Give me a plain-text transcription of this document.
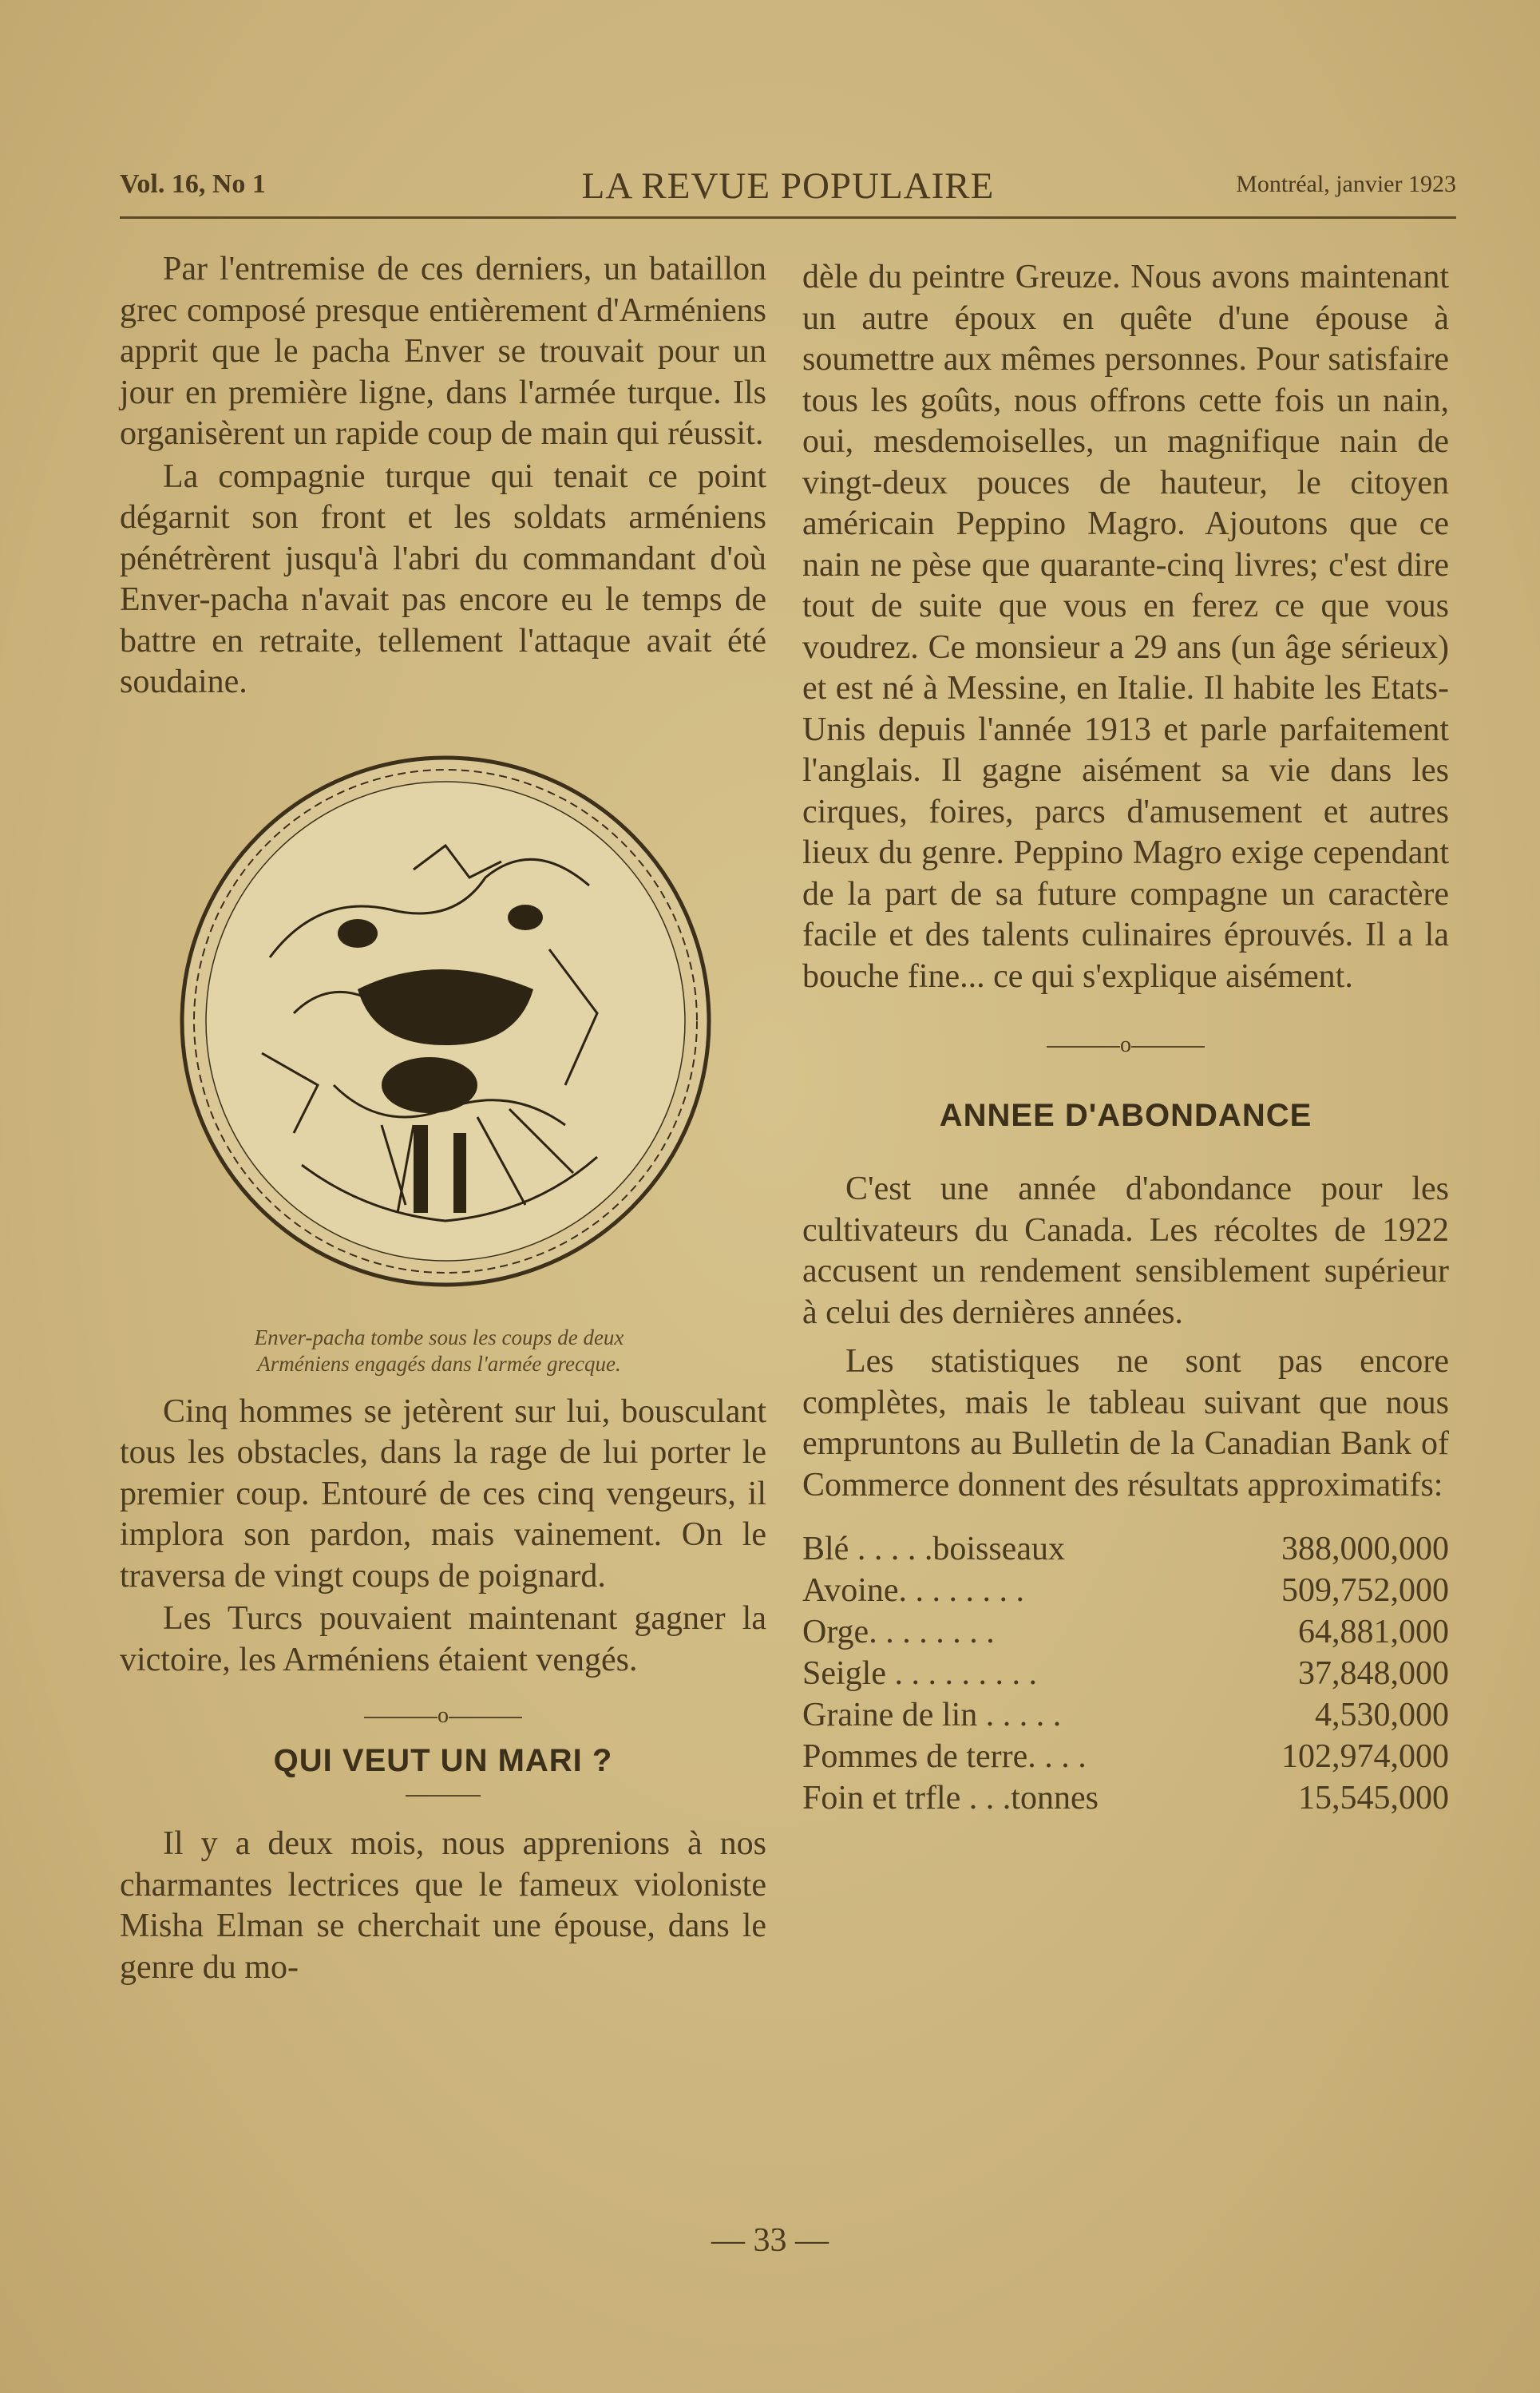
Vol. 16, No 1	LA REVUE POPULAIRE	Montréal, janvier 1923

Par l'entremise de ces derniers, un bataillon grec composé presque entièrement d'Arméniens apprit que le pacha Enver se trouvait pour un jour en première ligne, dans l'armée turque. Ils organisèrent un rapide coup de main qui réussit.

La compagnie turque qui tenait ce point dégarnit son front et les soldats arméniens pénétrèrent jusqu'à l'abri du commandant d'où Enver-pacha n'avait pas encore eu le temps de battre en retraite, tellement l'attaque avait été soudaine.

Enver-pacha tombe sous les coups de deux
Arméniens engagés dans l'armée grecque.

Cinq hommes se jetèrent sur lui, bousculant tous les obstacles, dans la rage de lui porter le premier coup. Entouré de ces cinq vengeurs, il implora son pardon, mais vainement. On le traversa de vingt coups de poignard.

Les Turcs pouvaient maintenant gagner la victoire, les Arméniens étaient vengés.

o
QUI VEUT UN MARI ?

Il y a deux mois, nous apprenions à nos charmantes lectrices que le fameux violoniste Misha Elman se cherchait une épouse, dans le genre du mo-

dèle du peintre Greuze. Nous avons maintenant un autre époux en quête d'une épouse à soumettre aux mêmes personnes. Pour satisfaire tous les goûts, nous offrons cette fois un nain, oui, mesdemoiselles, un magnifique nain de vingt-deux pouces de hauteur, le citoyen américain Peppino Magro. Ajoutons que ce nain ne pèse que quarante-cinq livres; c'est dire tout de suite que vous en ferez ce que vous voudrez. Ce monsieur a 29 ans (un âge sérieux) et est né à Messine, en Italie. Il habite les Etats-Unis depuis l'année 1913 et parle parfaitement l'anglais. Il gagne aisément sa vie dans les cirques, foires, parcs d'amusement et autres lieux du genre. Peppino Magro exige cependant de la part de sa future compagne un caractère facile et des talents culinaires éprouvés. Il a la bouche fine... ce qui s'explique aisément.

o
ANNEE D'ABONDANCE

C'est une année d'abondance pour les cultivateurs du Canada. Les récoltes de 1922 accusent un rendement sensiblement supérieur à celui des dernières années.

Les statistiques ne sont pas encore complètes, mais le tableau suivant que nous empruntons au Bulletin de la Canadian Bank of Commerce donnent des résultats approximatifs:

Blé . . . . .boisseaux	388,000,000
Avoine. . . . . . . .	509,752,000
Orge. . . . . . . .	64,881,000
Seigle . . . . . . . . .	37,848,000
Graine de lin . . . . .	4,530,000
Pommes de terre. . . .	102,974,000
Foin et trfle . . .tonnes	15,545,000
— 33 —
